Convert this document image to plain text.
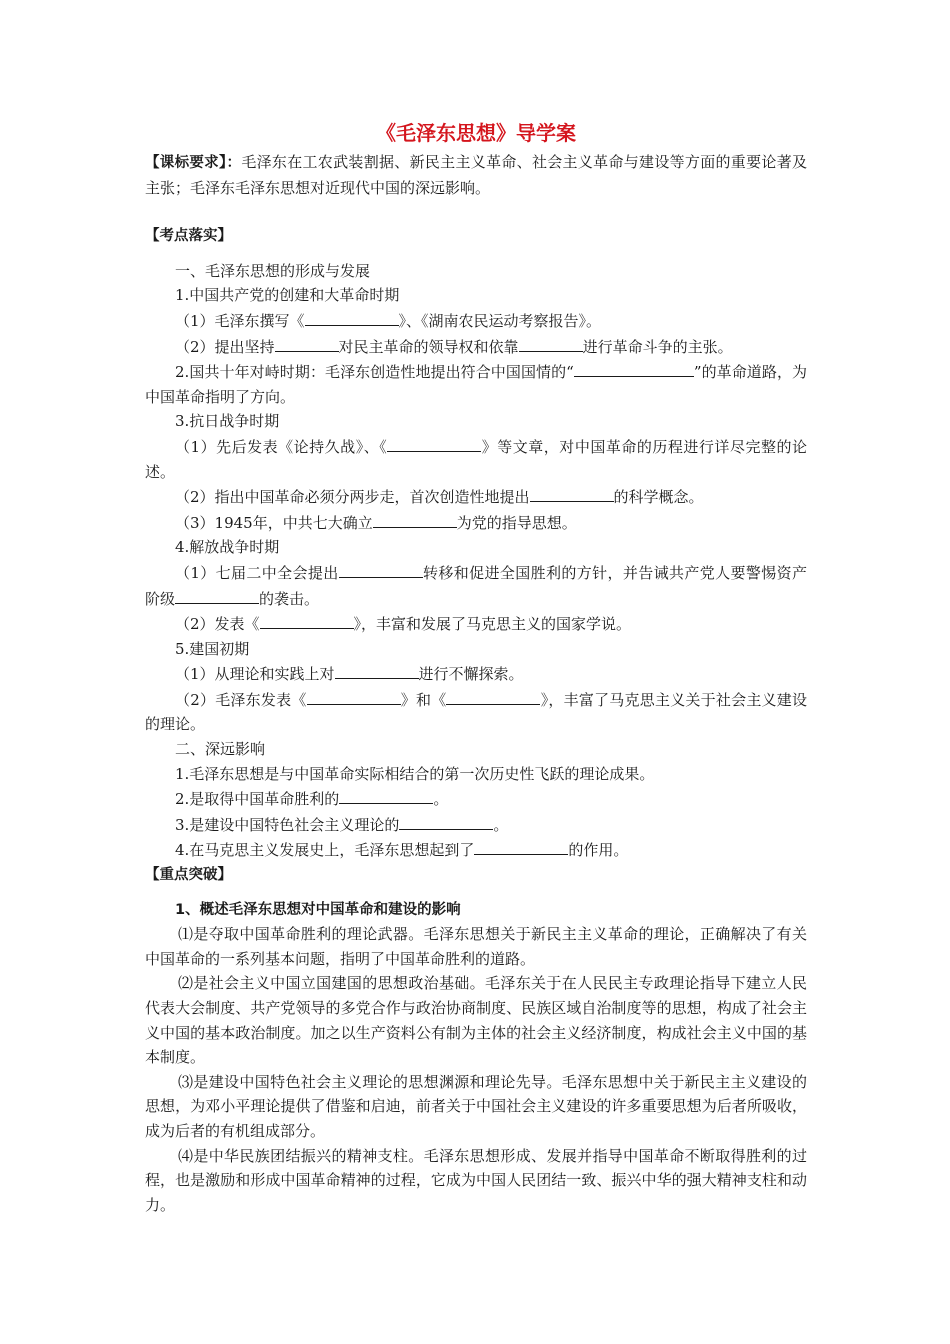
《毛泽东思想》导学案

【课标要求】：毛泽东在工农武装割据、新民主主义革命、社会主义革命与建设等方面的重要论著及主张；毛泽东毛泽东思想对近现代中国的深远影响。

【考点落实】

一、毛泽东思想的形成与发展

1.中国共产党的创建和大革命时期

（1）毛泽东撰写《	》、《湖南农民运动考察报告》。

（2）提出坚持	对民主革命的领导权和依靠	进行革命斗争的主张。

2.国共十年对峙时期：毛泽东创造性地提出符合中国国情的“	”的革命道路，为中国革命指明了方向。

3.抗日战争时期

（1）先后发表《论持久战》、《	》等文章，对中国革命的历程进行详尽完整的论述。

（2）指出中国革命必须分两步走，首次创造性地提出	的科学概念。

（3）1945年，中共七大确立	为党的指导思想。

4.解放战争时期

（1）七届二中全会提出	转移和促进全国胜利的方针，并告诫共产党人要警惕资产阶级	的袭击。

（2）发表《	》，丰富和发展了马克思主义的国家学说。

5.建国初期

（1）从理论和实践上对	进行不懈探索。

（2）毛泽东发表《	》和《	》，丰富了马克思主义关于社会主义建设的理论。

二、深远影响

1.毛泽东思想是与中国革命实际相结合的第一次历史性飞跃的理论成果。

2.是取得中国革命胜利的	。

3.是建设中国特色社会主义理论的	。

4.在马克思主义发展史上，毛泽东思想起到了	的作用。

【重点突破】

1、概述毛泽东思想对中国革命和建设的影响

⑴是夺取中国革命胜利的理论武器。毛泽东思想关于新民主主义革命的理论，正确解决了有关中国革命的一系列基本问题，指明了中国革命胜利的道路。

⑵是社会主义中国立国建国的思想政治基础。毛泽东关于在人民民主专政理论指导下建立人民代表大会制度、共产党领导的多党合作与政治协商制度、民族区域自治制度等的思想，构成了社会主义中国的基本政治制度。加之以生产资料公有制为主体的社会主义经济制度，构成社会主义中国的基本制度。

⑶是建设中国特色社会主义理论的思想渊源和理论先导。毛泽东思想中关于新民主主义建设的思想，为邓小平理论提供了借鉴和启迪，前者关于中国社会主义建设的许多重要思想为后者所吸收，成为后者的有机组成部分。

⑷是中华民族团结振兴的精神支柱。毛泽东思想形成、发展并指导中国革命不断取得胜利的过程，也是激励和形成中国革命精神的过程，它成为中国人民团结一致、振兴中华的强大精神支柱和动力。
